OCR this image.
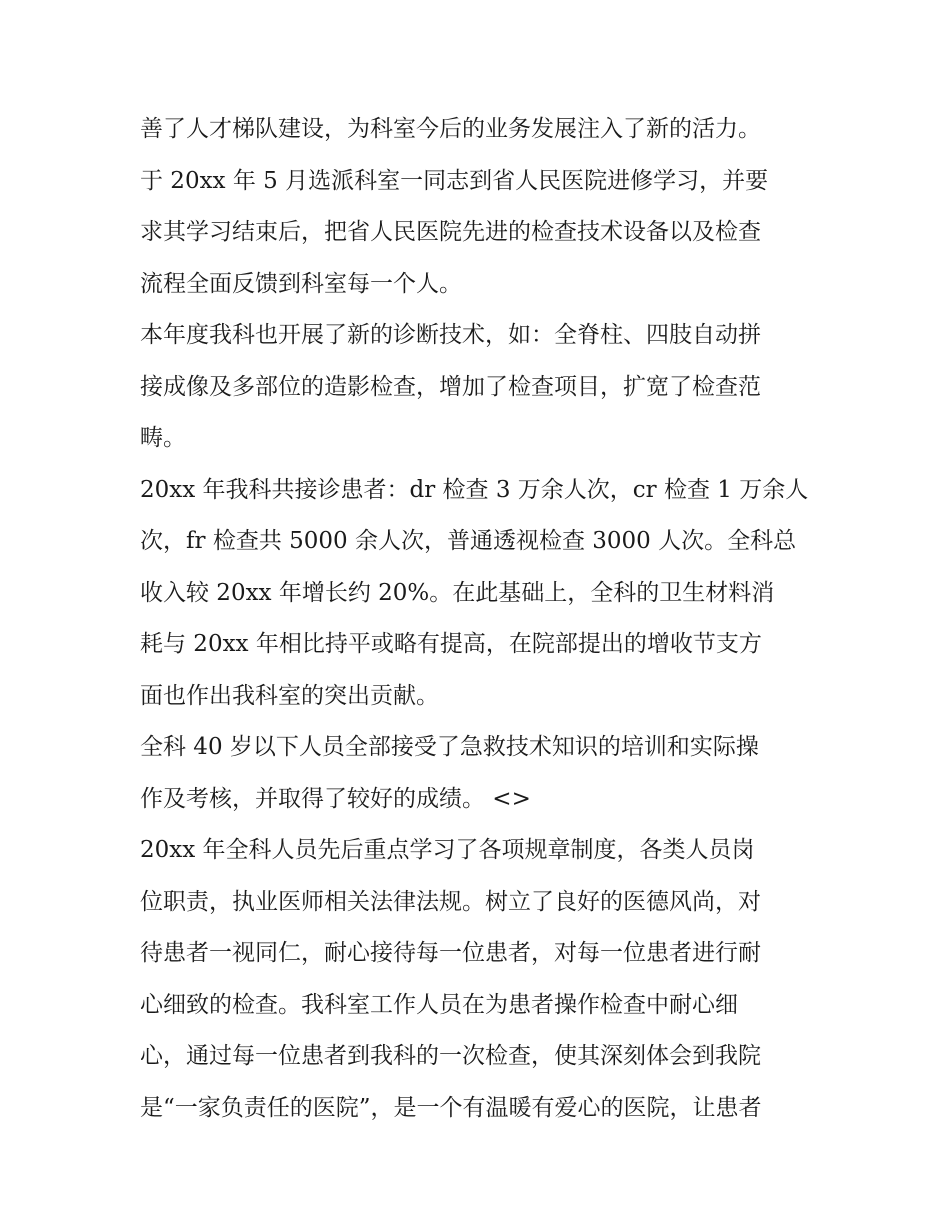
善了人才梯队建设，为科室今后的业务发展注入了新的活力。
于 20xx 年 5 月选派科室一同志到省人民医院进修学习，并要
求其学习结束后，把省人民医院先进的检查技术设备以及检查
流程全面反馈到科室每一个人。
本年度我科也开展了新的诊断技术，如：全脊柱、四肢自动拼
接成像及多部位的造影检查，增加了检查项目，扩宽了检查范
畴。
20xx 年我科共接诊患者：dr 检查 3 万余人次，cr 检查 1 万余人
次，fr 检查共 5000 余人次，普通透视检查 3000 人次。全科总
收入较 20xx 年增长约 20%。在此基础上，全科的卫生材料消
耗与 20xx 年相比持平或略有提高，在院部提出的增收节支方
面也作出我科室的突出贡献。
全科 40 岁以下人员全部接受了急救技术知识的培训和实际操
作及考核，并取得了较好的成绩。 <>
20xx 年全科人员先后重点学习了各项规章制度，各类人员岗
位职责，执业医师相关法律法规。树立了良好的医德风尚，对
待患者一视同仁，耐心接待每一位患者，对每一位患者进行耐
心细致的检查。我科室工作人员在为患者操作检查中耐心细
心，通过每一位患者到我科的一次检查，使其深刻体会到我院
是“一家负责任的医院”，是一个有温暖有爱心的医院，让患者
